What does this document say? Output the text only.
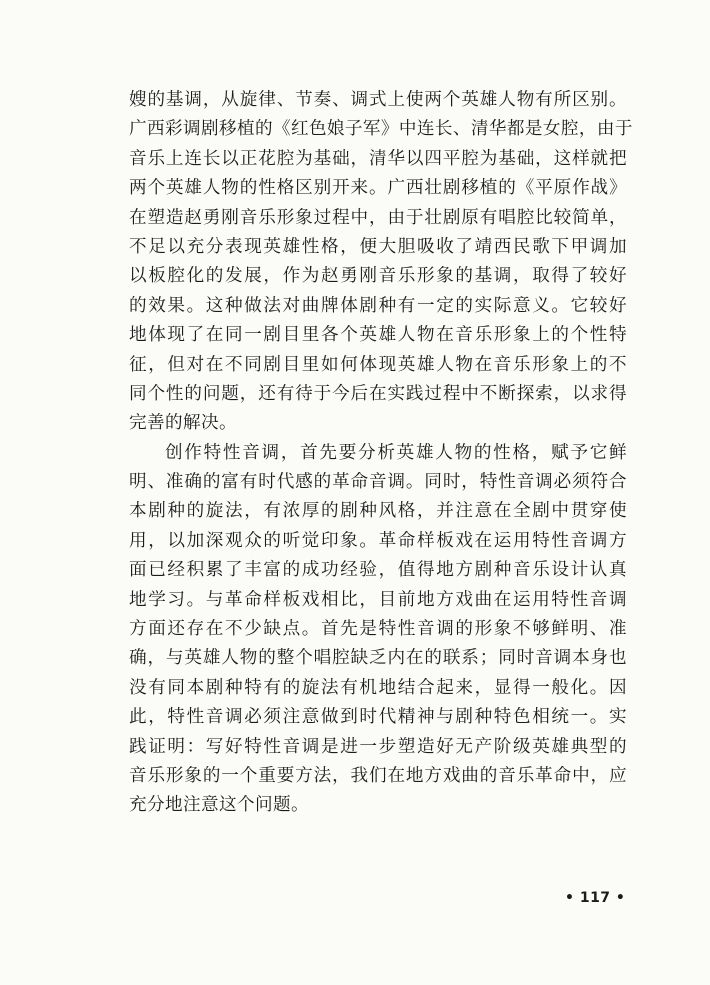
嫂的基调，从旋律、节奏、调式上使两个英雄人物有所区别。
广西彩调剧移植的《红色娘子军》中连长、清华都是女腔，由于
音乐上连长以正花腔为基础，清华以四平腔为基础，这样就把
两个英雄人物的性格区别开来。广西壮剧移植的《平原作战》
在塑造赵勇刚音乐形象过程中，由于壮剧原有唱腔比较简单，
不足以充分表现英雄性格，便大胆吸收了靖西民歌下甲调加
以板腔化的发展，作为赵勇刚音乐形象的基调，取得了较好
的效果。这种做法对曲牌体剧种有一定的实际意义。它较好
地体现了在同一剧目里各个英雄人物在音乐形象上的个性特
征，但对在不同剧目里如何体现英雄人物在音乐形象上的不
同个性的问题，还有待于今后在实践过程中不断探索，以求得
完善的解决。
创作特性音调，首先要分析英雄人物的性格，赋予它鲜
明、准确的富有时代感的革命音调。同时，特性音调必须符合
本剧种的旋法，有浓厚的剧种风格，并注意在全剧中贯穿使
用，以加深观众的听觉印象。革命样板戏在运用特性音调方
面已经积累了丰富的成功经验，值得地方剧种音乐设计认真
地学习。与革命样板戏相比，目前地方戏曲在运用特性音调
方面还存在不少缺点。首先是特性音调的形象不够鲜明、准
确，与英雄人物的整个唱腔缺乏内在的联系；同时音调本身也
没有同本剧种特有的旋法有机地结合起来，显得一般化。因
此，特性音调必须注意做到时代精神与剧种特色相统一。实
践证明：写好特性音调是进一步塑造好无产阶级英雄典型的
音乐形象的一个重要方法，我们在地方戏曲的音乐革命中，应
充分地注意这个问题。
• 117 •
